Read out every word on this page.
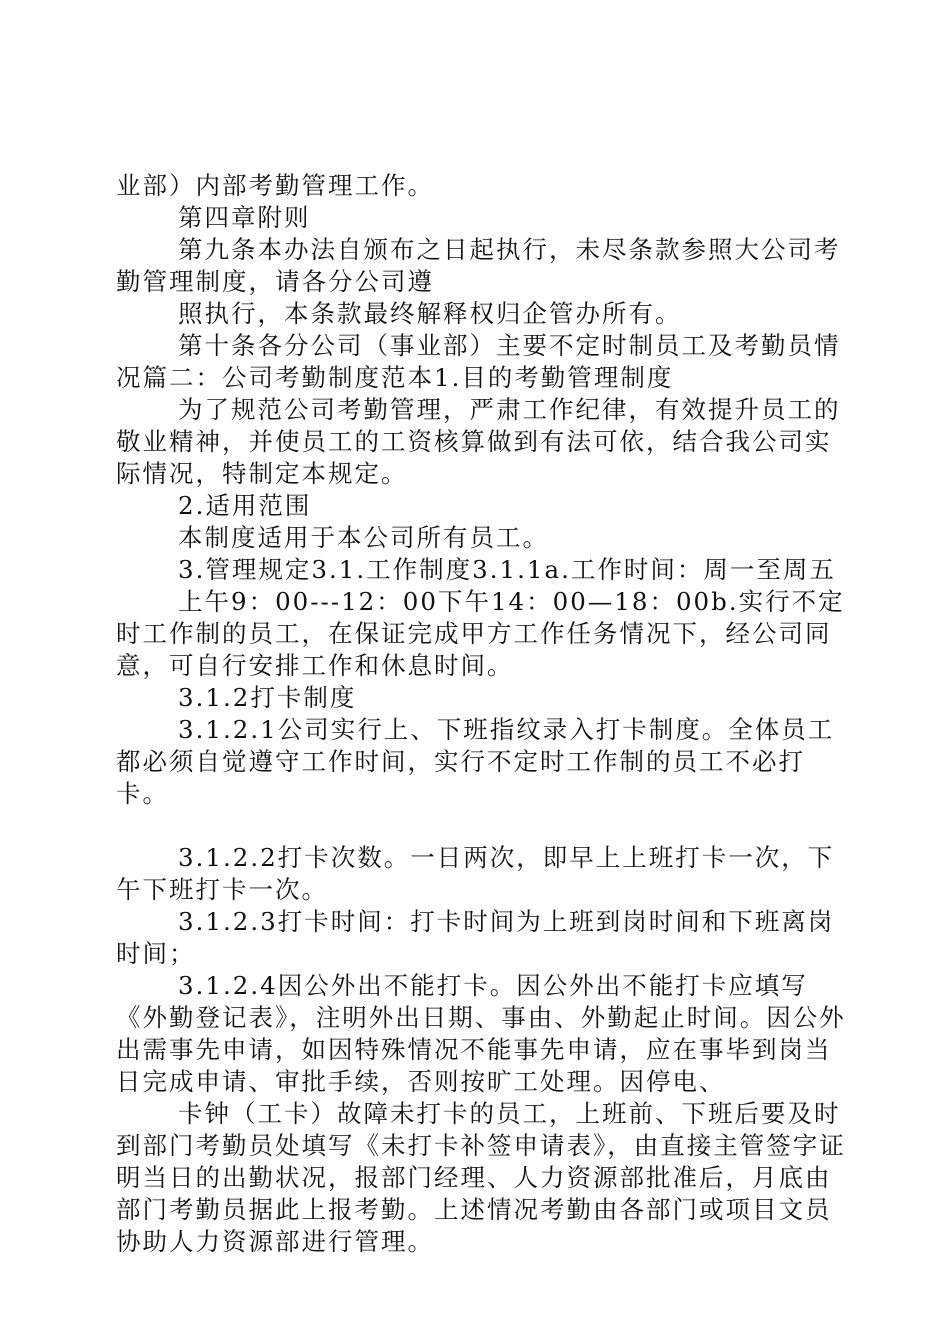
业部）内部考勤管理工作。

第四章附则

第九条本办法自颁布之日起执行，未尽条款参照大公司考勤管理制度，请各分公司遵

照执行，本条款最终解释权归企管办所有。

第十条各分公司（事业部）主要不定时制员工及考勤员情况篇二：公司考勤制度范本1.目的考勤管理制度

为了规范公司考勤管理，严肃工作纪律，有效提升员工的敬业精神，并使员工的工资核算做到有法可依，结合我公司实际情况，特制定本规定。

2.适用范围

本制度适用于本公司所有员工。

3.管理规定3.1.工作制度3.1.1a.工作时间：周一至周五

上午9：00---12：00下午14：00—18：00b.实行不定时工作制的员工，在保证完成甲方工作任务情况下，经公司同意，可自行安排工作和休息时间。

3.1.2打卡制度

3.1.2.1公司实行上、下班指纹录入打卡制度。全体员工都必须自觉遵守工作时间，实行不定时工作制的员工不必打卡。

3.1.2.2打卡次数。一日两次，即早上上班打卡一次，下午下班打卡一次。

3.1.2.3打卡时间：打卡时间为上班到岗时间和下班离岗时间；

3.1.2.4因公外出不能打卡。因公外出不能打卡应填写《外勤登记表》，注明外出日期、事由、外勤起止时间。因公外出需事先申请，如因特殊情况不能事先申请，应在事毕到岗当日完成申请、审批手续，否则按旷工处理。因停电、

卡钟（工卡）故障未打卡的员工，上班前、下班后要及时到部门考勤员处填写《未打卡补签申请表》，由直接主管签字证明当日的出勤状况，报部门经理、人力资源部批准后，月底由部门考勤员据此上报考勤。上述情况考勤由各部门或项目文员协助人力资源部进行管理。
